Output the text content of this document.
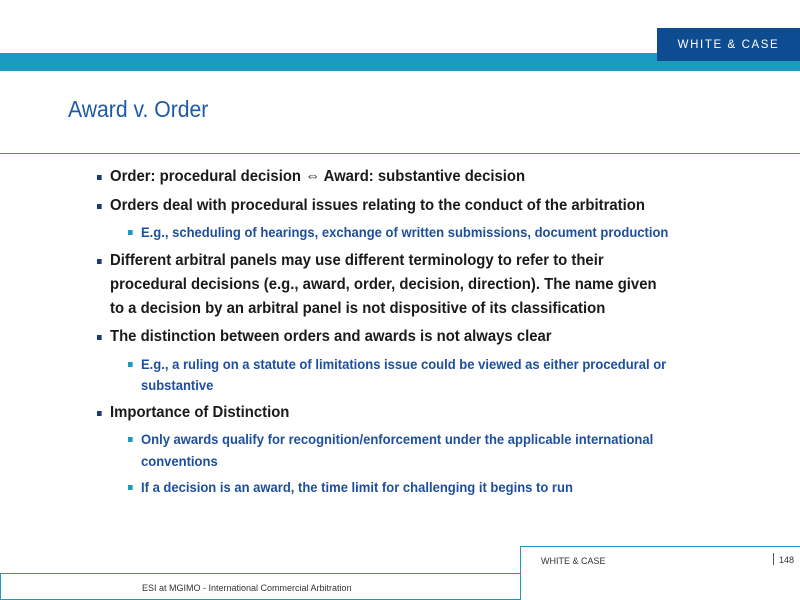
WHITE & CASE
Award v. Order
Order: procedural decision ⇔ Award: substantive decision
Orders deal with procedural issues relating to the conduct of the arbitration
E.g., scheduling of hearings, exchange of written submissions, document production
Different arbitral panels may use different terminology to refer to their
procedural decisions (e.g., award, order, decision, direction). The name given
to a decision by an arbitral panel is not dispositive of its classification
The distinction between orders and awards is not always clear
E.g., a ruling on a statute of limitations issue could be viewed as either procedural or
substantive
Importance of Distinction
Only awards qualify for recognition/enforcement under the applicable international
conventions
If a decision is an award, the time limit for challenging it begins to run
WHITE & CASE	148
ESI at MGIMO - International Commercial Arbitration
